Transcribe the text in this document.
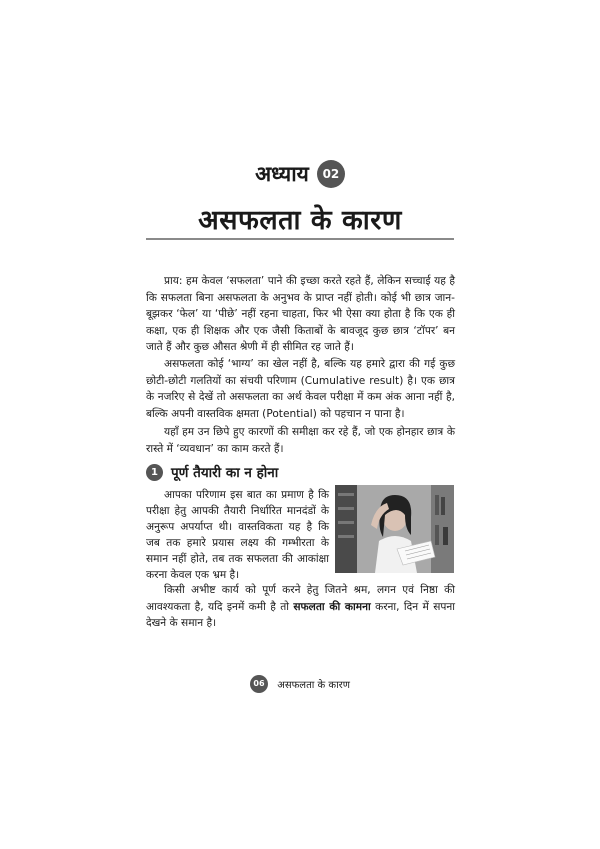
अध्याय 02
असफलता के कारण

प्राय: हम केवल ‘सफलता’ पाने की इच्छा करते रहते हैं, लेकिन सच्चाई यह है कि सफलता बिना असफलता के अनुभव के प्राप्त नहीं होती। कोई भी छात्र जान-बूझकर ‘फेल’ या ‘पीछे’ नहीं रहना चाहता, फिर भी ऐसा क्या होता है कि एक ही कक्षा, एक ही शिक्षक और एक जैसी किताबों के बावजूद कुछ छात्र ‘टॉपर’ बन जाते हैं और कुछ औसत श्रेणी में ही सीमित रह जाते हैं।

असफलता कोई ‘भाग्य’ का खेल नहीं है, बल्कि यह हमारे द्वारा की गई कुछ छोटी-छोटी गलतियों का संचयी परिणाम (Cumulative result) है। एक छात्र के नजरिए से देखें तो असफलता का अर्थ केवल परीक्षा में कम अंक आना नहीं है, बल्कि अपनी वास्तविक क्षमता (Potential) को पहचान न पाना है।

यहाँ हम उन छिपे हुए कारणों की समीक्षा कर रहे हैं, जो एक होनहार छात्र के रास्ते में ‘व्यवधान’ का काम करते हैं।

1 पूर्ण तैयारी का न होना

आपका परिणाम इस बात का प्रमाण है कि परीक्षा हेतु आपकी तैयारी निर्धारित मानदंडों के अनुरूप अपर्याप्त थी। वास्तविकता यह है कि जब तक हमारे प्रयास लक्ष्य की गम्भीरता के समान नहीं होते, तब तक सफलता की आकांक्षा करना केवल एक भ्रम है।

किसी अभीष्ट कार्य को पूर्ण करने हेतु जितने श्रम, लगन एवं निष्ठा की आवश्यकता है, यदि इनमें कमी है तो सफलता की कामना करना, दिन में सपना देखने के समान है।

06 असफलता के कारण
